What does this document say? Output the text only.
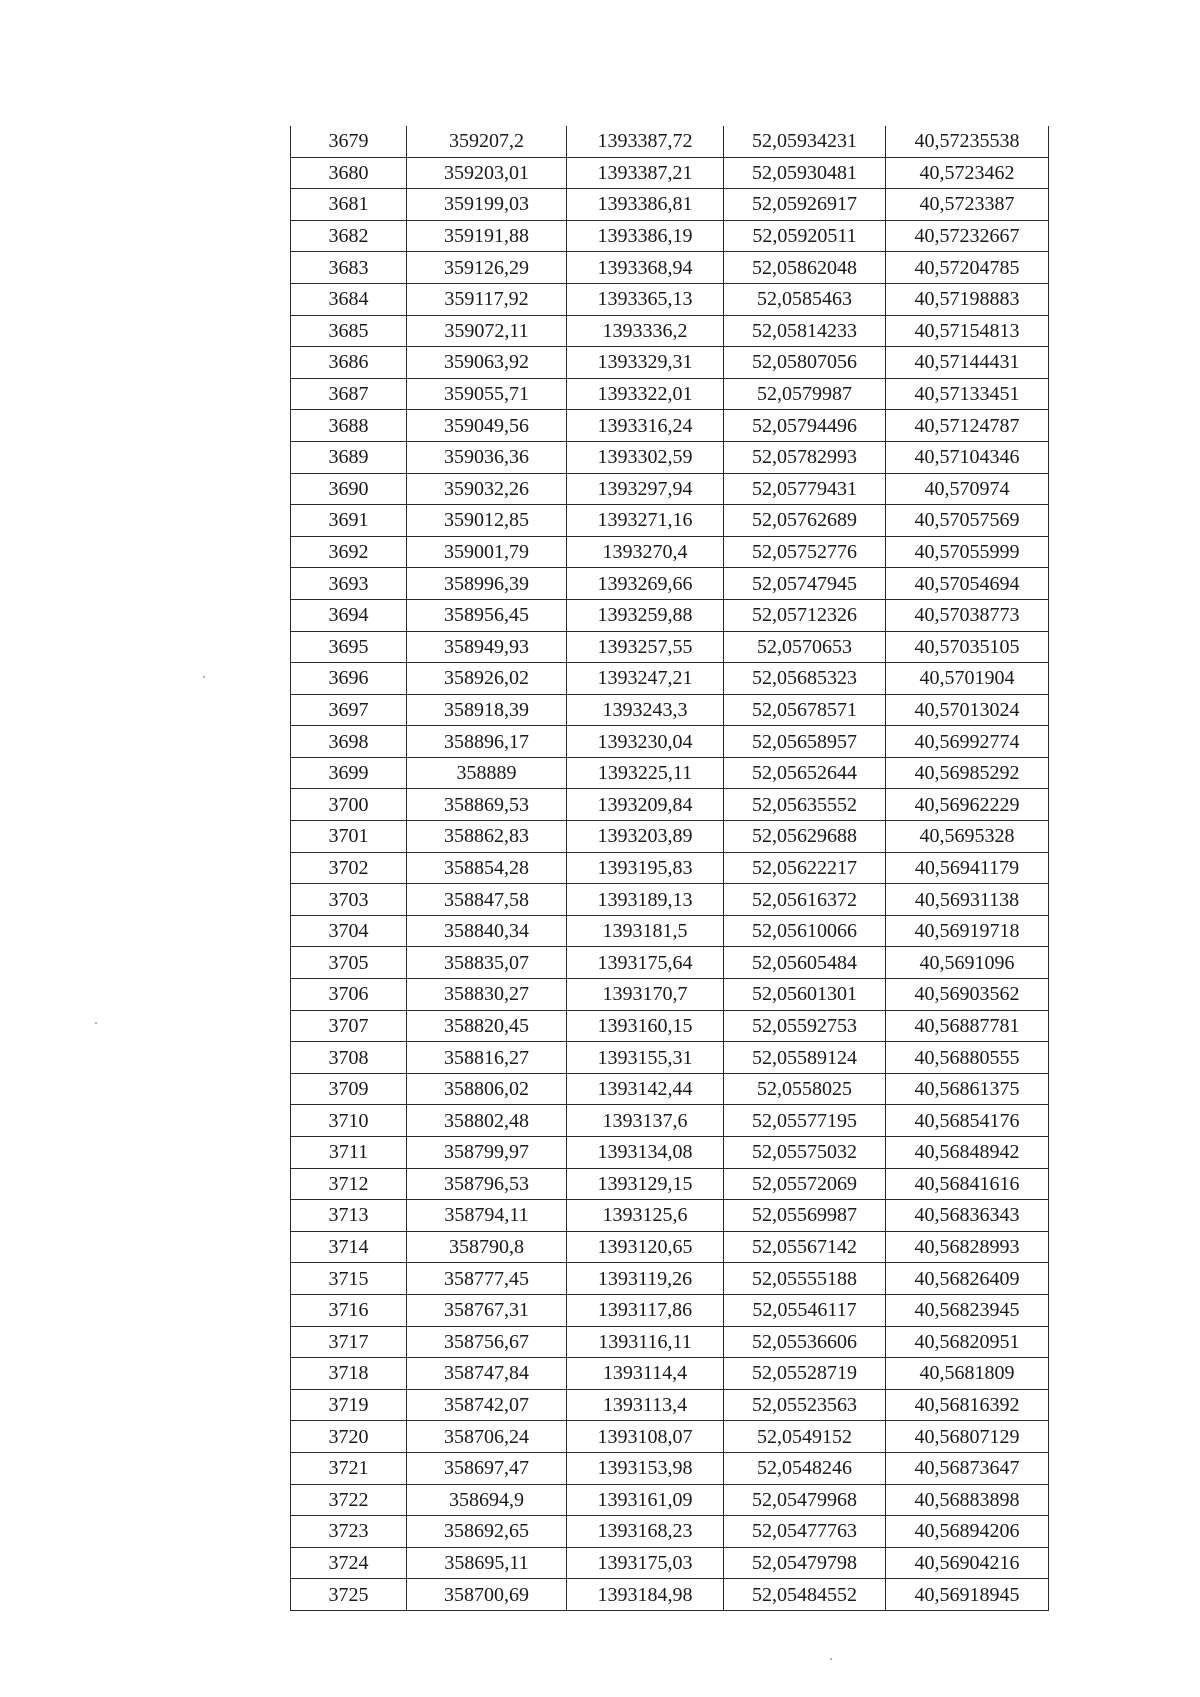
3679	359207,2	1393387,72	52,05934231	40,57235538
3680	359203,01	1393387,21	52,05930481	40,5723462
3681	359199,03	1393386,81	52,05926917	40,5723387
3682	359191,88	1393386,19	52,05920511	40,57232667
3683	359126,29	1393368,94	52,05862048	40,57204785
3684	359117,92	1393365,13	52,0585463	40,57198883
3685	359072,11	1393336,2	52,05814233	40,57154813
3686	359063,92	1393329,31	52,05807056	40,57144431
3687	359055,71	1393322,01	52,0579987	40,57133451
3688	359049,56	1393316,24	52,05794496	40,57124787
3689	359036,36	1393302,59	52,05782993	40,57104346
3690	359032,26	1393297,94	52,05779431	40,570974
3691	359012,85	1393271,16	52,05762689	40,57057569
3692	359001,79	1393270,4	52,05752776	40,57055999
3693	358996,39	1393269,66	52,05747945	40,57054694
3694	358956,45	1393259,88	52,05712326	40,57038773
3695	358949,93	1393257,55	52,0570653	40,57035105
3696	358926,02	1393247,21	52,05685323	40,5701904
3697	358918,39	1393243,3	52,05678571	40,57013024
3698	358896,17	1393230,04	52,05658957	40,56992774
3699	358889	1393225,11	52,05652644	40,56985292
3700	358869,53	1393209,84	52,05635552	40,56962229
3701	358862,83	1393203,89	52,05629688	40,5695328
3702	358854,28	1393195,83	52,05622217	40,56941179
3703	358847,58	1393189,13	52,05616372	40,56931138
3704	358840,34	1393181,5	52,05610066	40,56919718
3705	358835,07	1393175,64	52,05605484	40,5691096
3706	358830,27	1393170,7	52,05601301	40,56903562
3707	358820,45	1393160,15	52,05592753	40,56887781
3708	358816,27	1393155,31	52,05589124	40,56880555
3709	358806,02	1393142,44	52,0558025	40,56861375
3710	358802,48	1393137,6	52,05577195	40,56854176
3711	358799,97	1393134,08	52,05575032	40,56848942
3712	358796,53	1393129,15	52,05572069	40,56841616
3713	358794,11	1393125,6	52,05569987	40,56836343
3714	358790,8	1393120,65	52,05567142	40,56828993
3715	358777,45	1393119,26	52,05555188	40,56826409
3716	358767,31	1393117,86	52,05546117	40,56823945
3717	358756,67	1393116,11	52,05536606	40,56820951
3718	358747,84	1393114,4	52,05528719	40,5681809
3719	358742,07	1393113,4	52,05523563	40,56816392
3720	358706,24	1393108,07	52,0549152	40,56807129
3721	358697,47	1393153,98	52,0548246	40,56873647
3722	358694,9	1393161,09	52,05479968	40,56883898
3723	358692,65	1393168,23	52,05477763	40,56894206
3724	358695,11	1393175,03	52,05479798	40,56904216
3725	358700,69	1393184,98	52,05484552	40,56918945
